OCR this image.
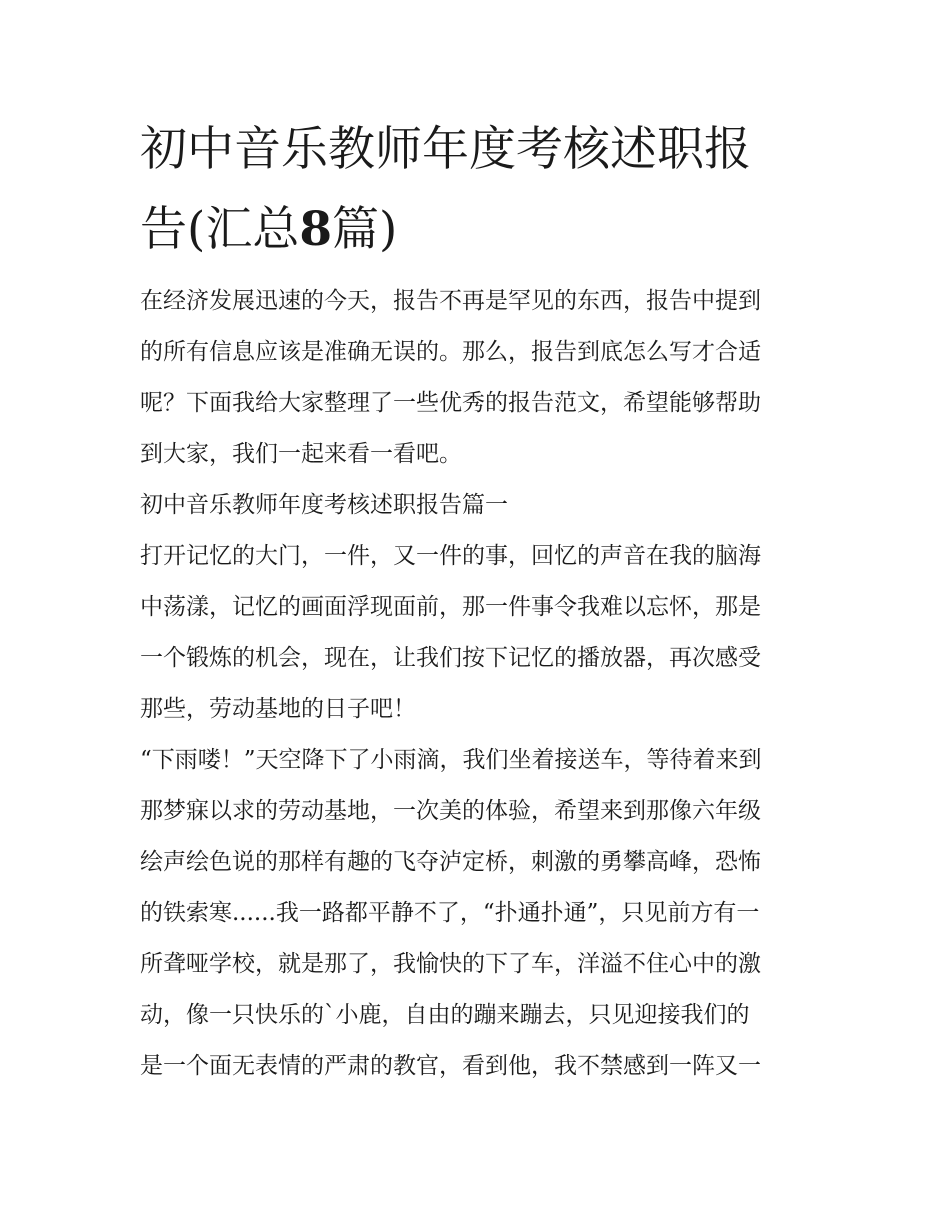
初中音乐教师年度考核述职报
告(汇总8篇)
在经济发展迅速的今天，报告不再是罕见的东西，报告中提到
的所有信息应该是准确无误的。那么，报告到底怎么写才合适
呢？下面我给大家整理了一些优秀的报告范文，希望能够帮助
到大家，我们一起来看一看吧。
初中音乐教师年度考核述职报告篇一
打开记忆的大门，一件，又一件的事，回忆的声音在我的脑海
中荡漾，记忆的画面浮现面前，那一件事令我难以忘怀，那是
一个锻炼的机会，现在，让我们按下记忆的播放器，再次感受
那些，劳动基地的日子吧！
“下雨喽！”天空降下了小雨滴，我们坐着接送车，等待着来到
那梦寐以求的劳动基地，一次美的体验，希望来到那像六年级
绘声绘色说的那样有趣的飞夺泸定桥，刺激的勇攀高峰，恐怖
的铁索寒......我一路都平静不了，“扑通扑通”，只见前方有一
所聋哑学校，就是那了，我愉快的下了车，洋溢不住心中的激
动，像一只快乐的`小鹿，自由的蹦来蹦去，只见迎接我们的
是一个面无表情的严肃的教官，看到他，我不禁感到一阵又一
